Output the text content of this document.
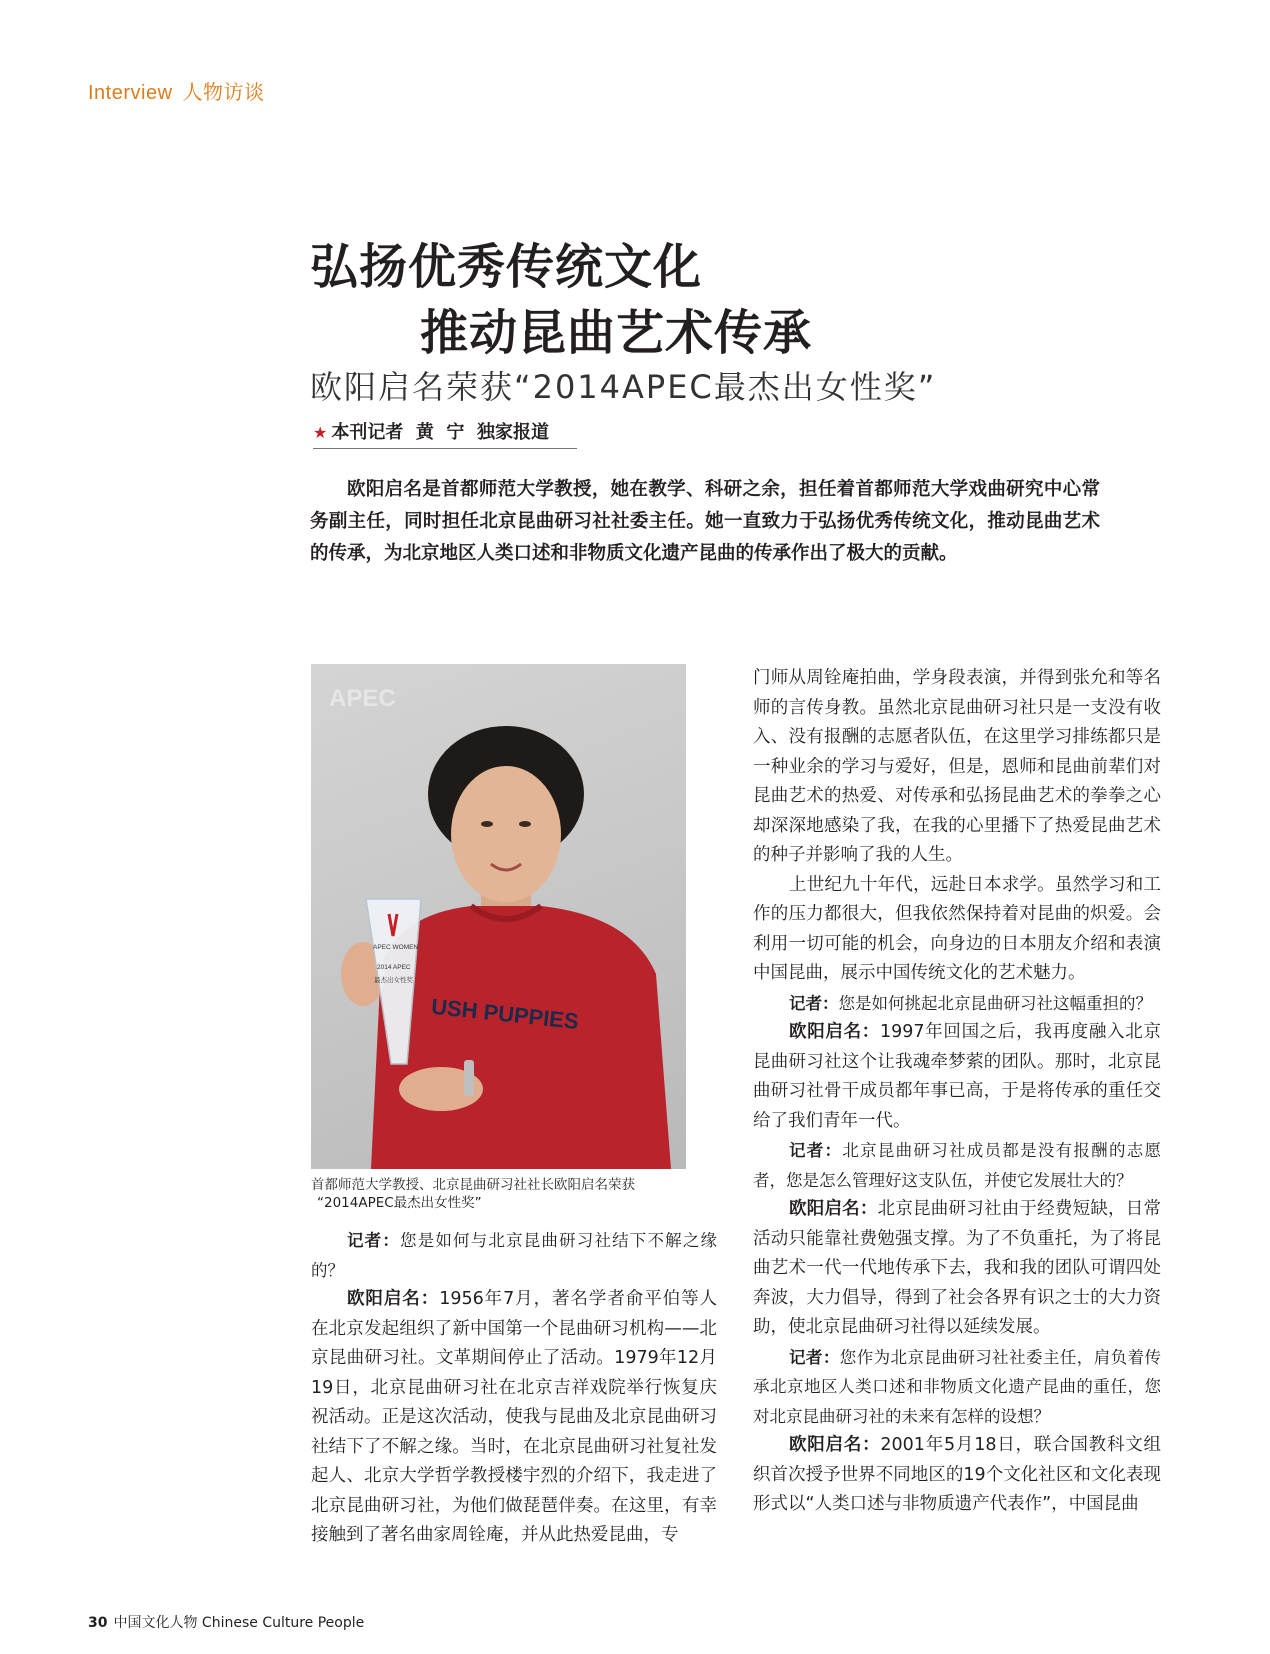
Interview 人物访谈
弘扬优秀传统文化
推动昆曲艺术传承
欧阳启名荣获“2014APEC最杰出女性奖”
★ 本刊记者  黄  宁  独家报道
欧阳启名是首都师范大学教授，她在教学、科研之余，担任着首都师范大学戏曲研究中心常务副主任，同时担任北京昆曲研习社社委主任。她一直致力于弘扬优秀传统文化，推动昆曲艺术的传承，为北京地区人类口述和非物质文化遗产昆曲的传承作出了极大的贡献。
APEC
USH PUPPIES
APEC WOMEN
2014 APEC
最杰出女性奖
首都师范大学教授、北京昆曲研习社社长欧阳启名荣获
“2014APEC最杰出女性奖”

记者：您是如何与北京昆曲研习社结下不解之缘的？

欧阳启名：1956年7月，著名学者俞平伯等人在北京发起组织了新中国第一个昆曲研习机构——北京昆曲研习社。文革期间停止了活动。1979年12月19日，北京昆曲研习社在北京吉祥戏院举行恢复庆祝活动。正是这次活动，使我与昆曲及北京昆曲研习社结下了不解之缘。当时，在北京昆曲研习社复社发起人、北京大学哲学教授楼宇烈的介绍下，我走进了北京昆曲研习社，为他们做琵琶伴奏。在这里，有幸接触到了著名曲家周铨庵，并从此热爱昆曲，专

门师从周铨庵拍曲，学身段表演，并得到张允和等名师的言传身教。虽然北京昆曲研习社只是一支没有收入、没有报酬的志愿者队伍，在这里学习排练都只是一种业余的学习与爱好，但是，恩师和昆曲前辈们对昆曲艺术的热爱、对传承和弘扬昆曲艺术的拳拳之心却深深地感染了我，在我的心里播下了热爱昆曲艺术的种子并影响了我的人生。

上世纪九十年代，远赴日本求学。虽然学习和工作的压力都很大，但我依然保持着对昆曲的炽爱。会利用一切可能的机会，向身边的日本朋友介绍和表演中国昆曲，展示中国传统文化的艺术魅力。

记者：您是如何挑起北京昆曲研习社这幅重担的？

欧阳启名：1997年回国之后，我再度融入北京昆曲研习社这个让我魂牵梦萦的团队。那时，北京昆曲研习社骨干成员都年事已高，于是将传承的重任交给了我们青年一代。

记者：北京昆曲研习社成员都是没有报酬的志愿者，您是怎么管理好这支队伍，并使它发展壮大的？

欧阳启名：北京昆曲研习社由于经费短缺，日常活动只能靠社费勉强支撑。为了不负重托，为了将昆曲艺术一代一代地传承下去，我和我的团队可谓四处奔波，大力倡导，得到了社会各界有识之士的大力资助，使北京昆曲研习社得以延续发展。

记者：您作为北京昆曲研习社社委主任，肩负着传承北京地区人类口述和非物质文化遗产昆曲的重任，您对北京昆曲研习社的未来有怎样的设想？

欧阳启名：2001年5月18日，联合国教科文组织首次授予世界不同地区的19个文化社区和文化表现形式以“人类口述与非物质遗产代表作”，中国昆曲

30 中国文化人物 Chinese Culture People
